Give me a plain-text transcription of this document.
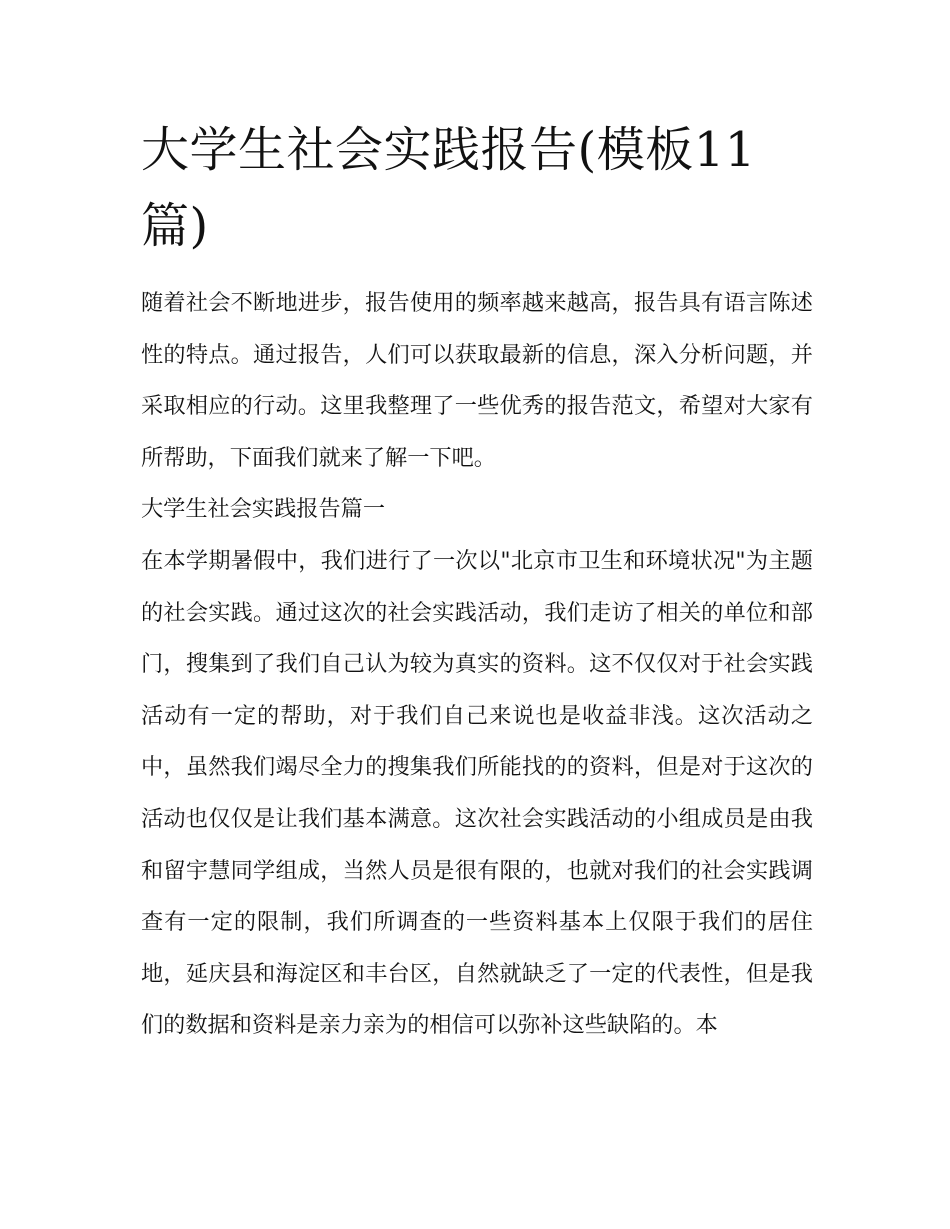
大学生社会实践报告(模板11篇)

随着社会不断地进步，报告使用的频率越来越高，报告具有语言陈述性的特点。通过报告，人们可以获取最新的信息，深入分析问题，并采取相应的行动。这里我整理了一些优秀的报告范文，希望对大家有所帮助，下面我们就来了解一下吧。

大学生社会实践报告篇一

在本学期暑假中，我们进行了一次以"北京市卫生和环境状况"为主题的社会实践。通过这次的社会实践活动，我们走访了相关的单位和部门，搜集到了我们自己认为较为真实的资料。这不仅仅对于社会实践活动有一定的帮助，对于我们自己来说也是收益非浅。这次活动之中，虽然我们竭尽全力的搜集我们所能找的的资料，但是对于这次的活动也仅仅是让我们基本满意。这次社会实践活动的小组成员是由我和留宇慧同学组成，当然人员是很有限的，也就对我们的社会实践调查有一定的限制，我们所调查的一些资料基本上仅限于我们的居住地，延庆县和海淀区和丰台区，自然就缺乏了一定的代表性，但是我们的数据和资料是亲力亲为的相信可以弥补这些缺陷的。本
